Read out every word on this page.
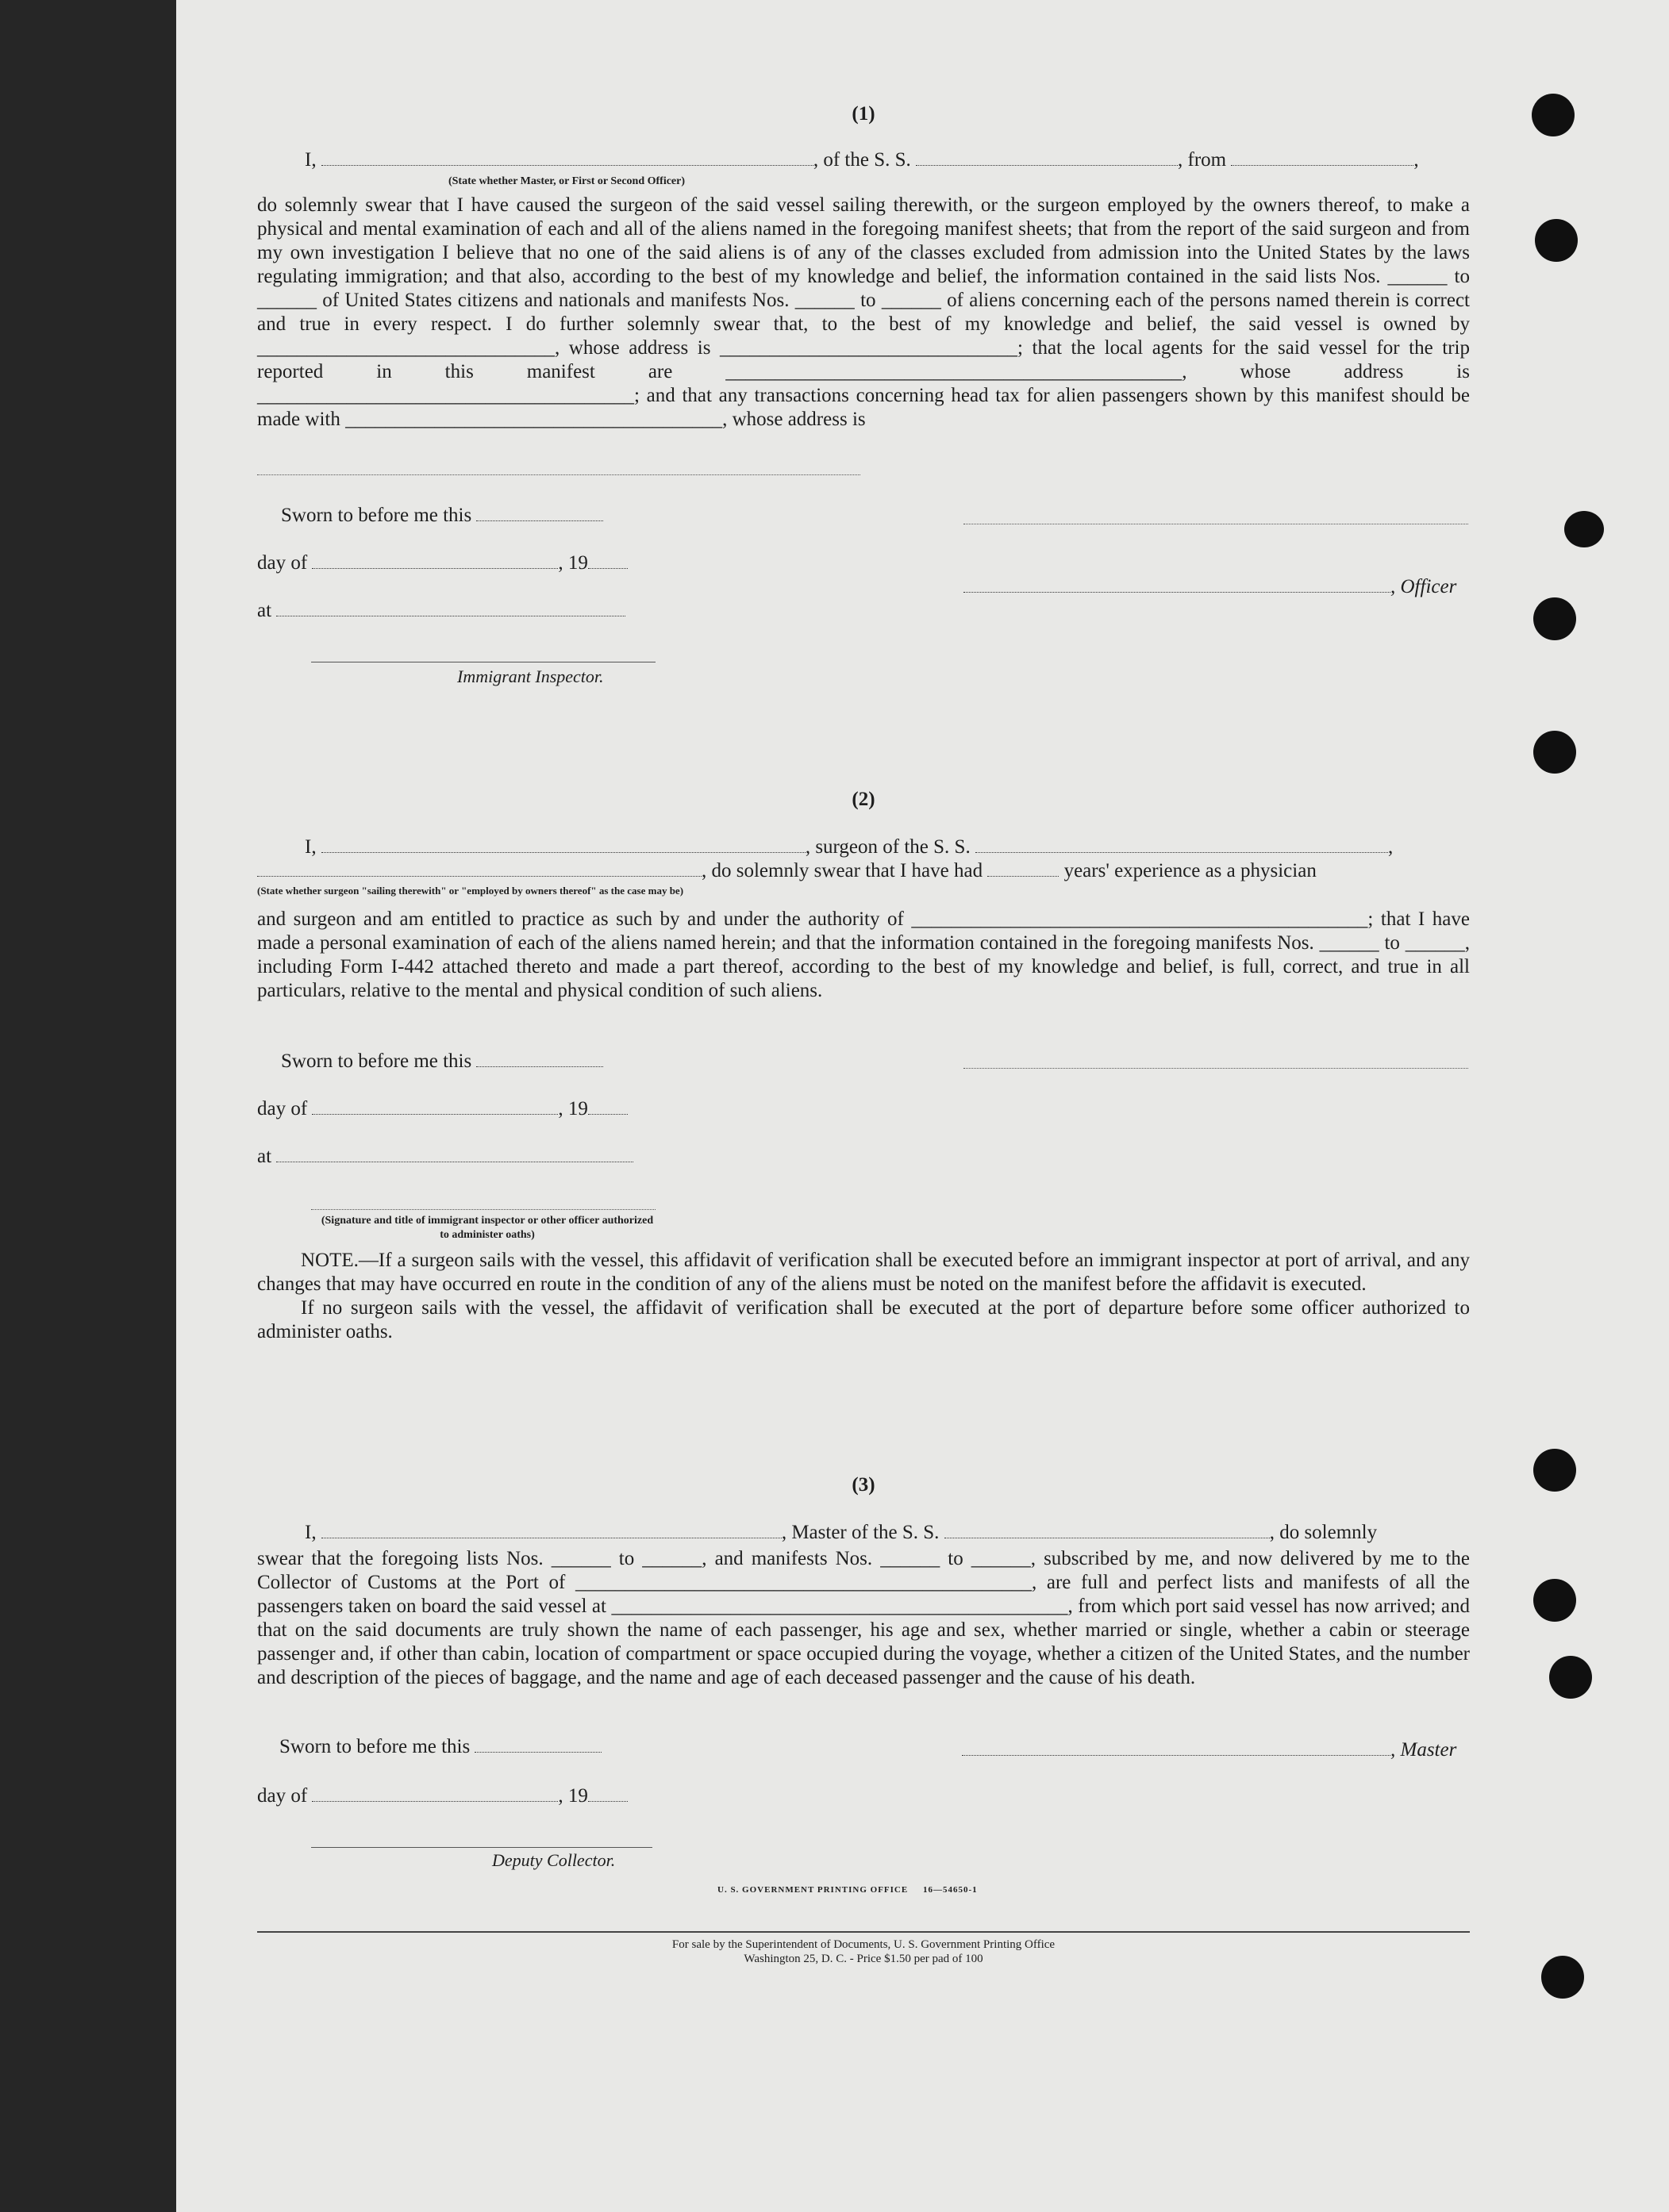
(1)
I,	, of the S. S.	, from	,
(State whether Master, or First or Second Officer)

do solemnly swear that I have caused the surgeon of the said vessel sailing therewith, or the surgeon employed by the owners thereof, to make a physical and mental examination of each and all of the aliens named in the foregoing manifest sheets; that from the report of the said surgeon and from my own investigation I believe that no one of the said aliens is of any of the classes excluded from admission into the United States by the laws regulating immigration; and that also, according to the best of my knowledge and belief, the information contained in the said lists Nos. ______ to ______ of United States citizens and nationals and manifests Nos. ______ to ______ of aliens concerning each of the persons named therein is correct and true in every respect. I do further solemnly swear that, to the best of my knowledge and belief, the said vessel is owned by ______________________________, whose address is ______________________________; that the local agents for the said vessel for the trip reported in this manifest are ______________________________________________, whose address is ______________________________________; and that any transactions concerning head tax for alien passengers shown by this manifest should be made with ______________________________________, whose address is

Sworn to before me this
day of	, 19
, Officer
at
Immigrant Inspector.
(2)
I,	, surgeon of the S. S.	,
, do solemnly swear that I have had	years' experience as a physician
(State whether surgeon "sailing therewith" or "employed by owners thereof" as the case may be)

and surgeon and am entitled to practice as such by and under the authority of ______________________________________________; that I have made a personal examination of each of the aliens named herein; and that the information contained in the foregoing manifests Nos. ______ to ______, including Form I-442 attached thereto and made a part thereof, according to the best of my knowledge and belief, is full, correct, and true in all particulars, relative to the mental and physical condition of such aliens.

Sworn to before me this
day of	, 19
at
(Signature and title of immigrant inspector or other officer authorized to administer oaths)

NOTE.—If a surgeon sails with the vessel, this affidavit of verification shall be executed before an immigrant inspector at port of arrival, and any changes that may have occurred en route in the condition of any of the aliens must be noted on the manifest before the affidavit is executed.

If no surgeon sails with the vessel, the affidavit of verification shall be executed at the port of departure before some officer authorized to administer oaths.

(3)
I,	, Master of the S. S.	, do solemnly

swear that the foregoing lists Nos. ______ to ______, and manifests Nos. ______ to ______, subscribed by me, and now delivered by me to the Collector of Customs at the Port of ______________________________________________, are full and perfect lists and manifests of all the passengers taken on board the said vessel at ______________________________________________, from which port said vessel has now arrived; and that on the said documents are truly shown the name of each passenger, his age and sex, whether married or single, whether a cabin or steerage passenger and, if other than cabin, location of compartment or space occupied during the voyage, whether a citizen of the United States, and the number and description of the pieces of baggage, and the name and age of each deceased passenger and the cause of his death.

Sworn to before me this	, Master
day of	, 19
Deputy Collector.
U. S. GOVERNMENT PRINTING OFFICE     16—54650-1
For sale by the Superintendent of Documents, U. S. Government Printing Office
Washington 25, D. C. - Price $1.50 per pad of 100
